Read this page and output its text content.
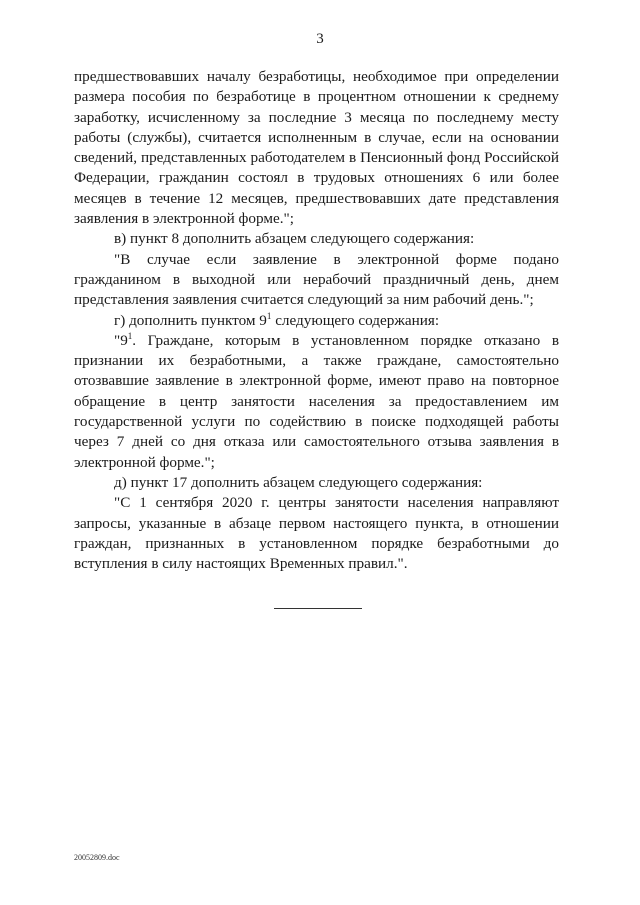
3

предшествовавших началу безработицы, необходимое при определении размера пособия по безработице в процентном отношении к среднему заработку, исчисленному за последние 3 месяца по последнему месту работы (службы), считается исполненным в случае, если на основании сведений, представленных работодателем в Пенсионный фонд Российской Федерации, гражданин состоял в трудовых отношениях 6 или более месяцев в течение 12 месяцев, предшествовавших дате представления заявления в электронной форме.";

в) пункт 8 дополнить абзацем следующего содержания:

"В случае если заявление в электронной форме подано гражданином в выходной или нерабочий праздничный день, днем представления заявления считается следующий за ним рабочий день.";

г) дополнить пунктом $9^1$ следующего содержания:

"$9^1$. Граждане, которым в установленном порядке отказано в признании их безработными, а также граждане, самостоятельно отозвавшие заявление в электронной форме, имеют право на повторное обращение в центр занятости населения за предоставлением им государственной услуги по содействию в поиске подходящей работы через 7 дней со дня отказа или самостоятельного отзыва заявления в электронной форме.";

д) пункт 17 дополнить абзацем следующего содержания:

"С 1 сентября 2020 г. центры занятости населения направляют запросы, указанные в абзаце первом настоящего пункта, в отношении граждан, признанных в установленном порядке безработными до вступления в силу настоящих Временных правил.".

20052809.doc
